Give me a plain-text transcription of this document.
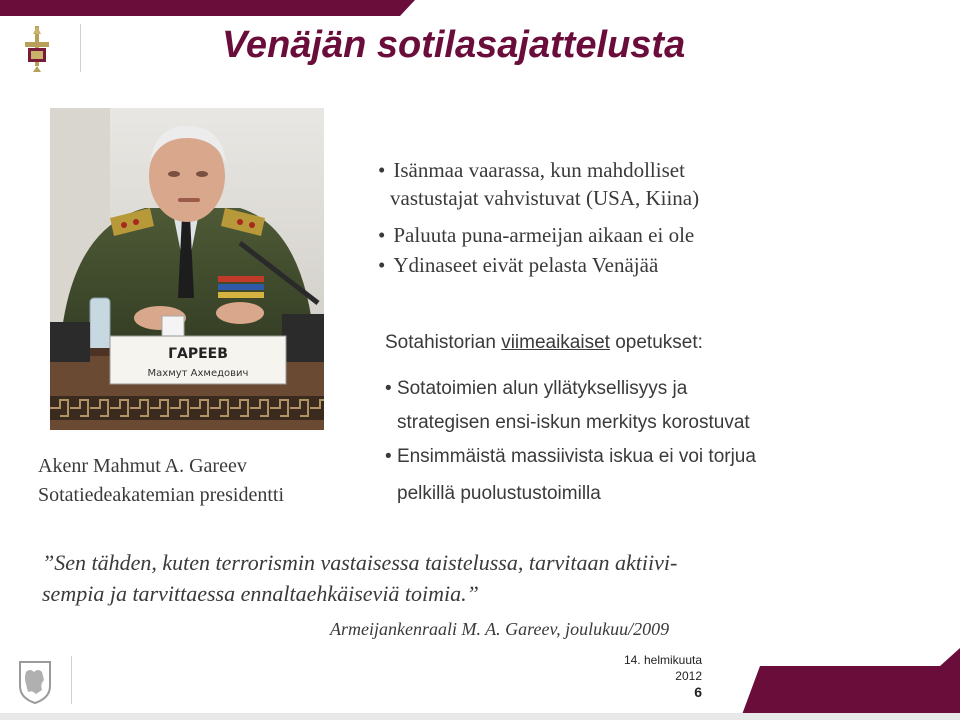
Venäjän sotilasajattelusta
ГАРЕЕВ
Махмут Ахмедович
Akenr Mahmut A. Gareev
Sotatiedeakatemian presidentti
• Isänmaa vaarassa, kun mahdolliset
vastustajat vahvistuvat (USA, Kiina)
• Paluuta puna-armeijan aikaan ei ole
• Ydinaseet eivät pelasta Venäjää
Sotahistorian viimeaikaiset opetukset:
• Sotatoimien alun yllätyksellisyys ja
strategisen ensi-iskun merkitys korostuvat
• Ensimmäistä massiivista iskua ei voi torjua
pelkillä puolustustoimilla
”Sen tähden, kuten terrorismin vastaisessa taistelussa, tarvitaan aktiivi-
sempia ja tarvittaessa ennaltaehkäiseviä toimia.”
Armeijankenraali M. A. Gareev, joulukuu/2009
14. helmikuuta
2012
6
